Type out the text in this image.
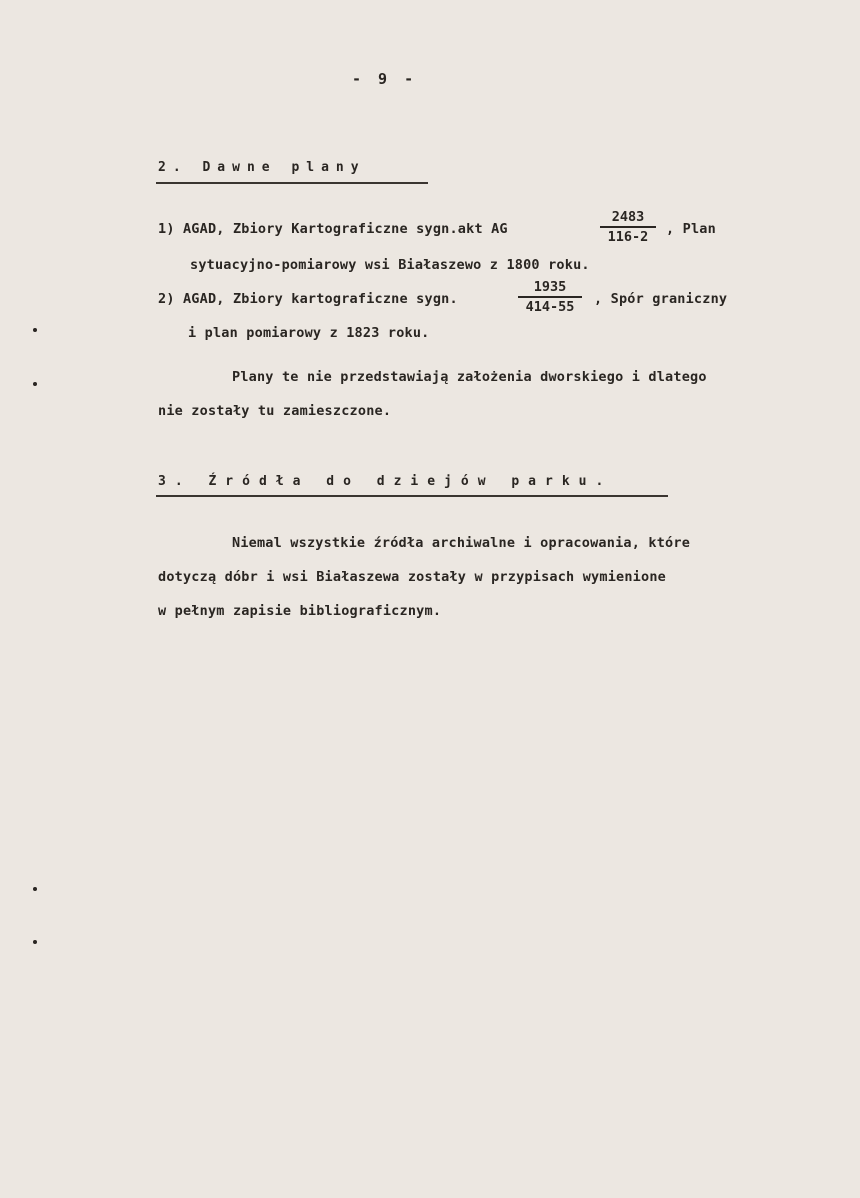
- 9 -
2. Dawne plany
1) AGAD, Zbiory Kartograficzne sygn.akt AG	$\frac{2483}{116-2}$ , Plan
sytuacyjno-pomiarowy wsi Białaszewo z 1800 roku.
2) AGAD, Zbiory kartograficzne sygn.	$\frac{1935}{414-55}$ , Spór graniczny
i plan pomiarowy z 1823 roku.
Plany te nie przedstawiają założenia dworskiego i dlatego
nie zostały tu zamieszczone.
3. Źródła do dziejów parku.
Niemal wszystkie źródła archiwalne i opracowania, które
dotyczą dóbr i wsi Białaszewa zostały w przypisach wymienione
w pełnym zapisie bibliograficznym.
